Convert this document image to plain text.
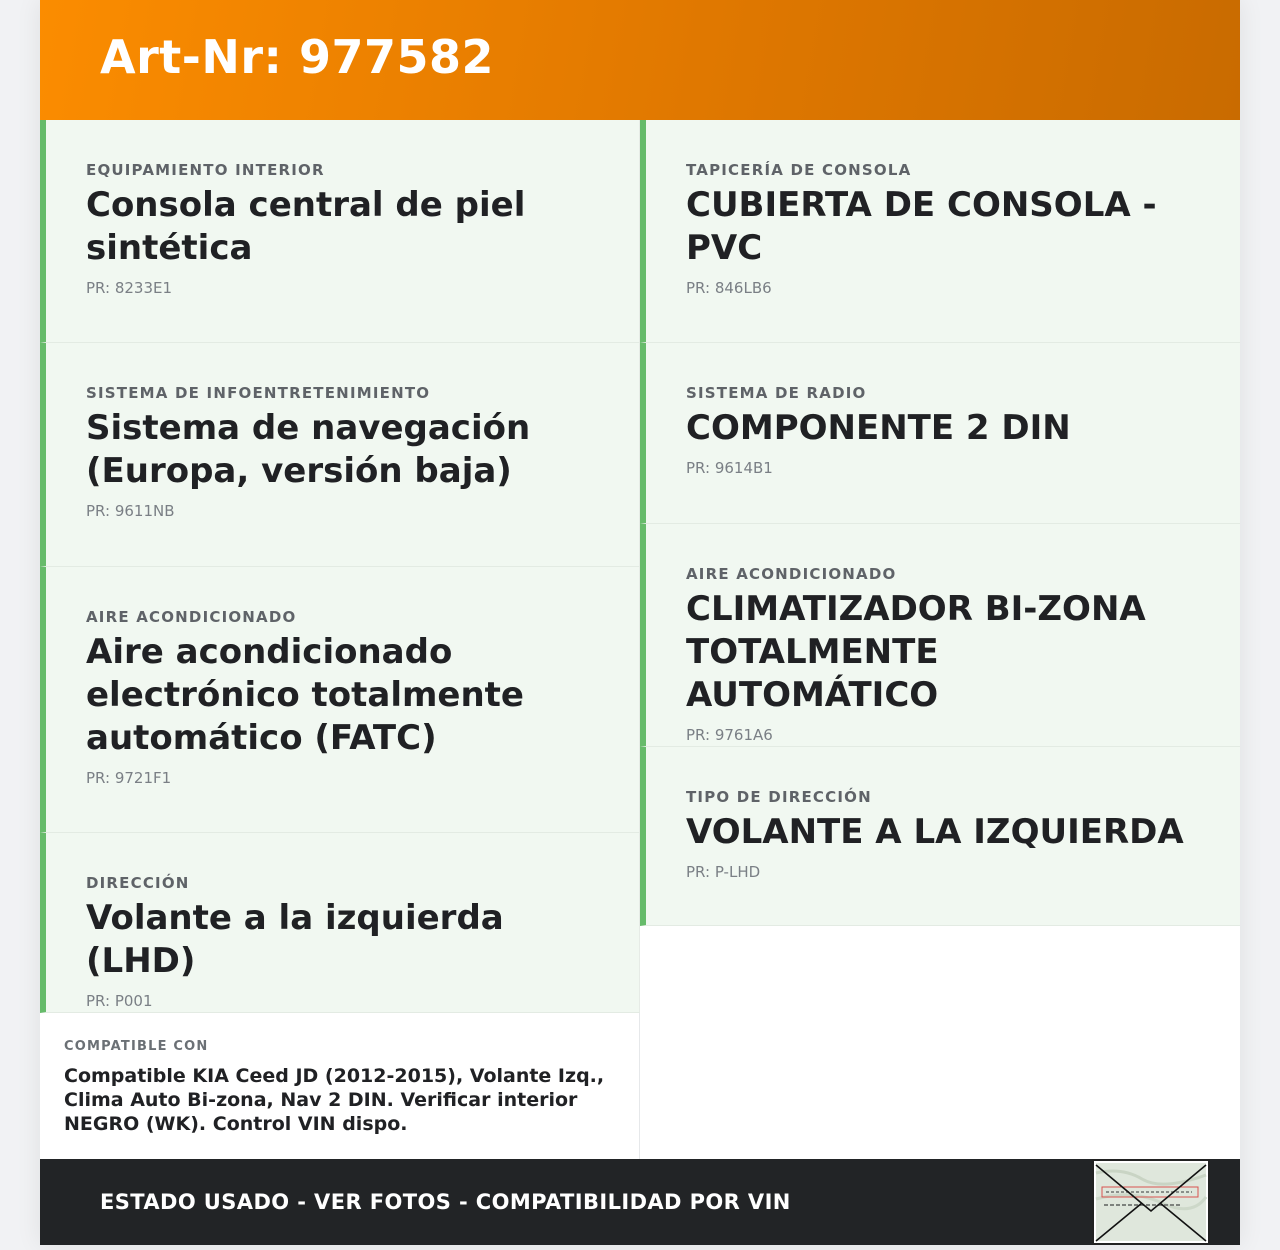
Art-Nr: 977582
EQUIPAMIENTO INTERIOR
Consola central de piel sintética
PR: 8233E1
SISTEMA DE INFOENTRETENIMIENTO
Sistema de navegación (Europa, versión baja)
PR: 9611NB
AIRE ACONDICIONADO
Aire acondicionado electrónico totalmente automático (FATC)
PR: 9721F1
DIRECCIÓN
Volante a la izquierda (LHD)
PR: P001
TAPICERÍA DE CONSOLA
CUBIERTA DE CONSOLA - PVC
PR: 846LB6
SISTEMA DE RADIO
COMPONENTE 2 DIN
PR: 9614B1
AIRE ACONDICIONADO
CLIMATIZADOR BI-ZONA TOTALMENTE AUTOMÁTICO
PR: 9761A6
TIPO DE DIRECCIÓN
VOLANTE A LA IZQUIERDA
PR: P-LHD
COMPATIBLE CON
Compatible KIA Ceed JD (2012-2015), Volante Izq., Clima Auto Bi-zona, Nav 2 DIN. Verificar interior NEGRO (WK). Control VIN dispo.
ESTADO USADO - VER FOTOS - COMPATIBILIDAD POR VIN
